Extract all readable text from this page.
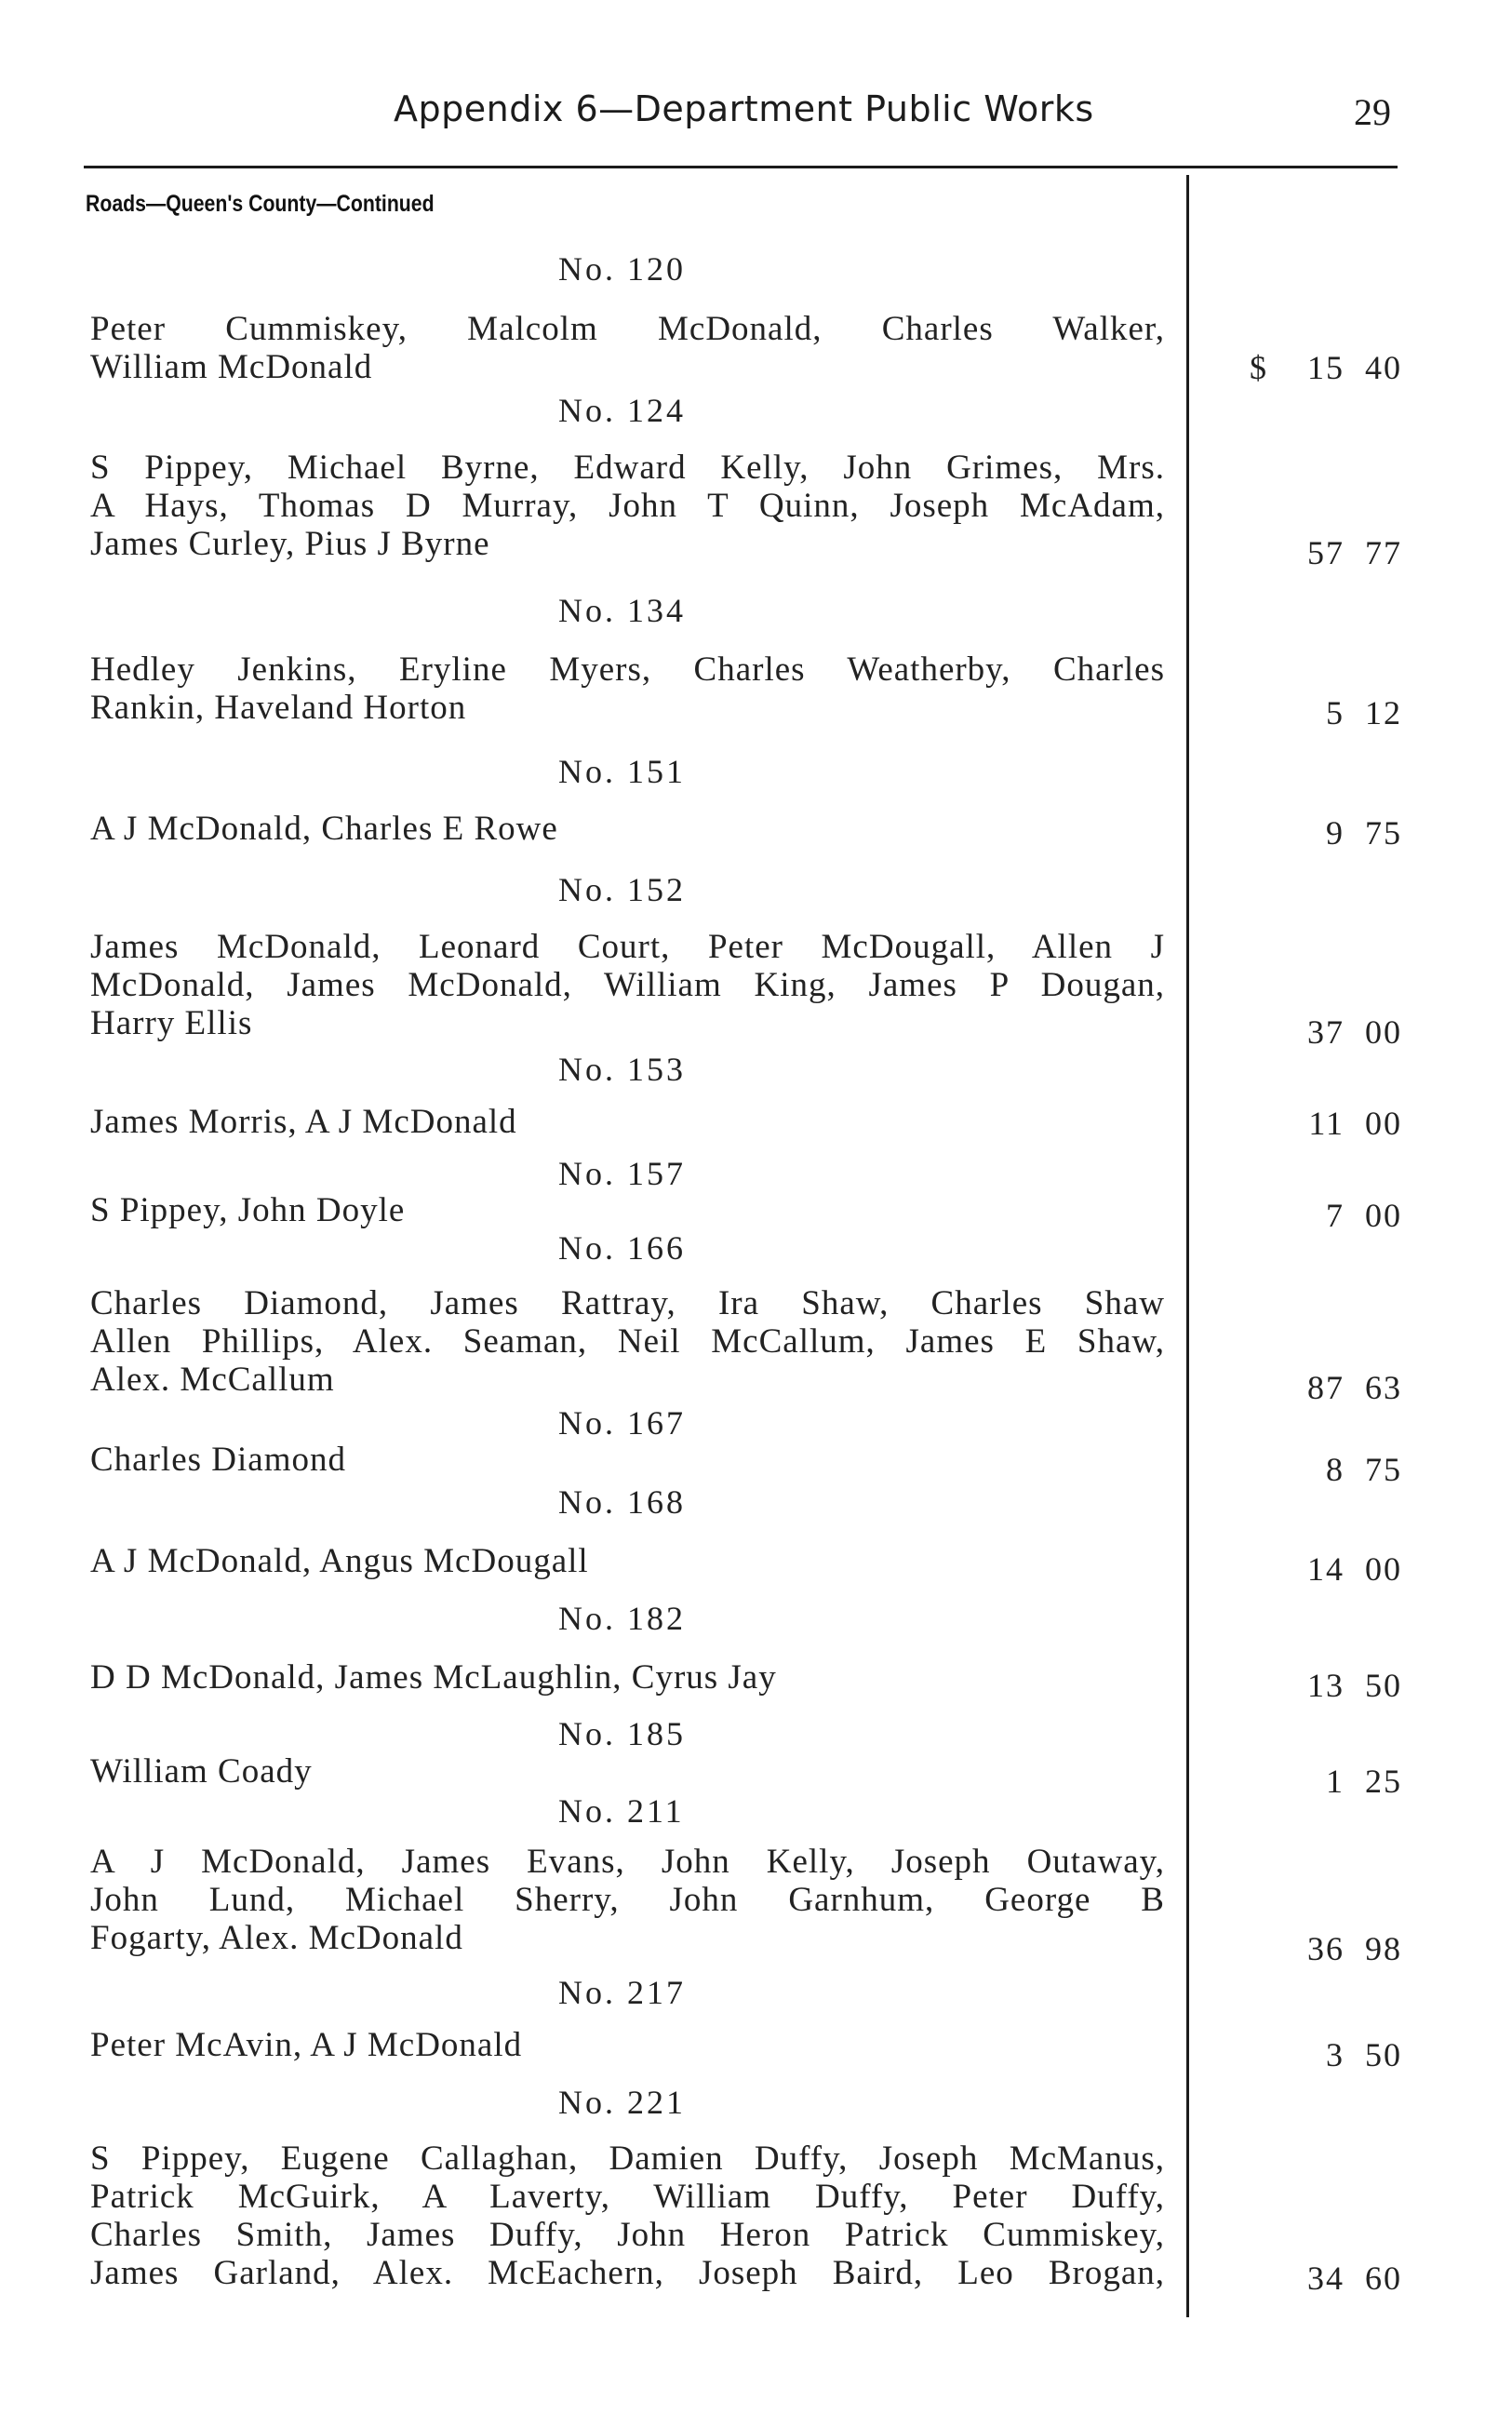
Appendix 6—Department Public Works	29
Roads—Queen's County—Continued
No. 120
Peter Cummiskey, Malcolm McDonald, Charles Walker,
William McDonald	$ 15 40
No. 124
S Pippey, Michael Byrne, Edward Kelly, John Grimes, Mrs.
A Hays, Thomas D Murray, John T Quinn, Joseph McAdam,
James Curley, Pius J Byrne	57 77
No. 134
Hedley Jenkins, Eryline Myers, Charles Weatherby, Charles
Rankin, Haveland Horton	5 12
No. 151
A J McDonald, Charles E Rowe	9 75
No. 152
James McDonald, Leonard Court, Peter McDougall, Allen J
McDonald, James McDonald, William King, James P Dougan,
Harry Ellis	37 00
No. 153
James Morris, A J McDonald	11 00
No. 157
S Pippey, John Doyle	7 00
No. 166
Charles Diamond, James Rattray, Ira Shaw, Charles Shaw
Allen Phillips, Alex. Seaman, Neil McCallum, James E Shaw,
Alex. McCallum	87 63
No. 167
Charles Diamond	8 75
No. 168
A J McDonald, Angus McDougall	14 00
No. 182
D D McDonald, James McLaughlin, Cyrus Jay	13 50
No. 185
William Coady	1 25
No. 211
A J McDonald, James Evans, John Kelly, Joseph Outaway,
John Lund, Michael Sherry, John Garnhum, George B
Fogarty, Alex. McDonald	36 98
No. 217
Peter McAvin, A J McDonald	3 50
No. 221
S Pippey, Eugene Callaghan, Damien Duffy, Joseph McManus,
Patrick McGuirk, A Laverty, William Duffy, Peter Duffy,
Charles Smith, James Duffy, John Heron Patrick Cummiskey,
James Garland, Alex. McEachern, Joseph Baird, Leo Brogan,	34 60
